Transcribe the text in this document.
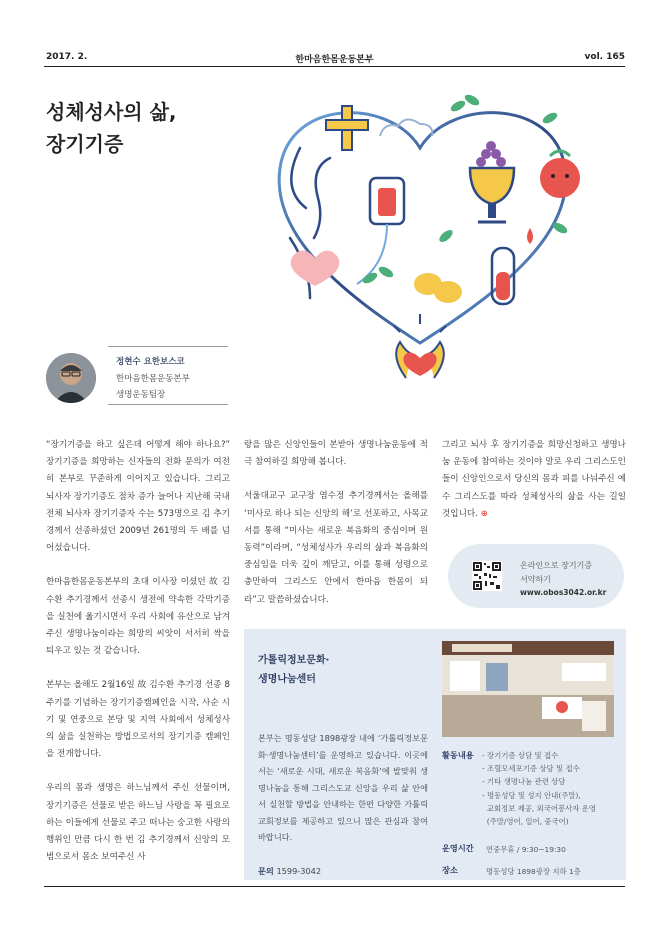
2017. 2.	한마음한몸운동본부	vol. 165
성체성사의 삶,
장기기증
정현수 요한보스코
한마음한몸운동본부
생명운동팀장

“장기기증을 하고 싶은데 어떻게 해야 하나요?” 장기기증을 희망하는 신자들의 전화 문의가 여전히 본부로 꾸준하게 이어지고 있습니다. 그리고 뇌사자 장기기증도 점차 증가 늘어나 지난해 국내 전체 뇌사자 장기기증자 수는 573명으로 김 추기경께서 선종하셨던 2009년 261명의 두 배를 넘어섰습니다.

한마음한몸운동본부의 초대 이사장 이셨던 故 김수환 추기경께서 선종시 생전에 약속한 각막기증을 실천에 옮기시면서 우리 사회에 유산으로 남겨 주신 생명나눔이라는 희망의 씨앗이 서서히 싹을 틔우고 있는 것 같습니다.

본부는 올해도 2월16일 故 김수환 추기경 선종 8주기를 기념하는 장기기증캠페인을 시작, 사순 시기 및 연중으로 본당 및 지역 사회에서 성체성사의 삶을 실천하는 방법으로서의 장기기증 캠페인을 전개합니다.

우리의 몸과 생명은 하느님께서 주신 선물이며, 장기기증은 선물로 받은 하느님 사랑을 꼭 필요로 하는 이들에게 선물로 주고 떠나는 숭고한 사랑의 행위인 만큼 다시 한 번 김 추기경께서 신앙의 모범으로서 몸소 보여주신 사

랑을 많은 신앙인들이 본받아 생명나눔운동에 적극 참여하길 희망해 봅니다.

서울대교구 교구장 염수정 추기경께서는 올해를 ‘미사로 하나 되는 신앙의 해’로 선포하고, 사목교서를 통해 “미사는 새로운 복음화의 중심이며 원동력”이라며, “성체성사가 우리의 삶과 복음화의 중심임을 더욱 깊이 깨닫고, 이를 통해 성령으로 충만하여 그리스도 안에서 한마음 한몸이 되라”고 말씀하셨습니다.

그리고 뇌사 후 장기기증을 희망신청하고 생명나눔 운동에 참여하는 것이야 말로 우리 그리스도인들이 신앙인으로서 당신의 몸과 피를 나눠주신 예수 그리스도를 따라 성체성사의 삶을 사는 길일 것입니다. ⊕

온라인으로 장기기증
서약하기
www.obos3042.or.kr
가톨릭정보문화·
생명나눔센터
본부는 명동성당 1898광장 내에 ‘가톨릭정보문화·생명나눔센터’를 운영하고 있습니다. 이곳에서는 ‘새로운 시대, 새로운 복음화’에 발맞춰 생명나눔을 통해 그리스도교 신앙을 우리 삶 안에서 실천할 방법을 안내하는 한편 다양한 가톨릭교회정보를 제공하고 있으니 많은 관심과 참여 바랍니다.
문의 1599-3042
활동내용 - 장기기증 상담 및 접수
- 조혈모세포기증 상담 및 접수
- 기타 생명나눔 관련 상담
- 명동성당 및 성지 안내(주말),
교회정보 제공, 외국어봉사자 운영
(주말/영어, 일어, 중국어)
운영시간 연중무휴 / 9:30~19:30
장소	명동성당 1898광장 지하 1층
